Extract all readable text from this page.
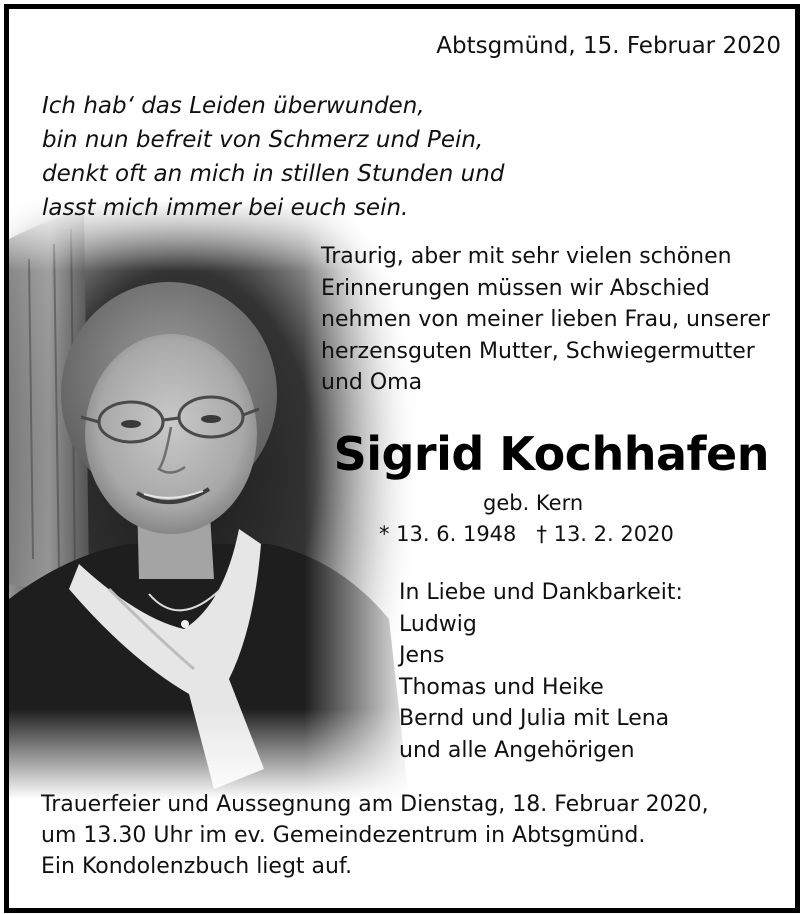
Abtsgmünd, 15. Februar 2020
Ich hab‘ das Leiden überwunden,
bin nun befreit von Schmerz und Pein,
denkt oft an mich in stillen Stunden und
lasst mich immer bei euch sein.
Traurig, aber mit sehr vielen schönen
Erinnerungen müssen wir Abschied
nehmen von meiner lieben Frau, unserer
herzensguten Mutter, Schwiegermutter
und Oma
Sigrid Kochhafen
geb. Kern
* 13. 6. 1948 † 13. 2. 2020
In Liebe und Dankbarkeit:
Ludwig
Jens
Thomas und Heike
Bernd und Julia mit Lena
und alle Angehörigen
Trauerfeier und Aussegnung am Dienstag, 18. Februar 2020,
um 13.30 Uhr im ev. Gemeindezentrum in Abtsgmünd.
Ein Kondolenzbuch liegt auf.
